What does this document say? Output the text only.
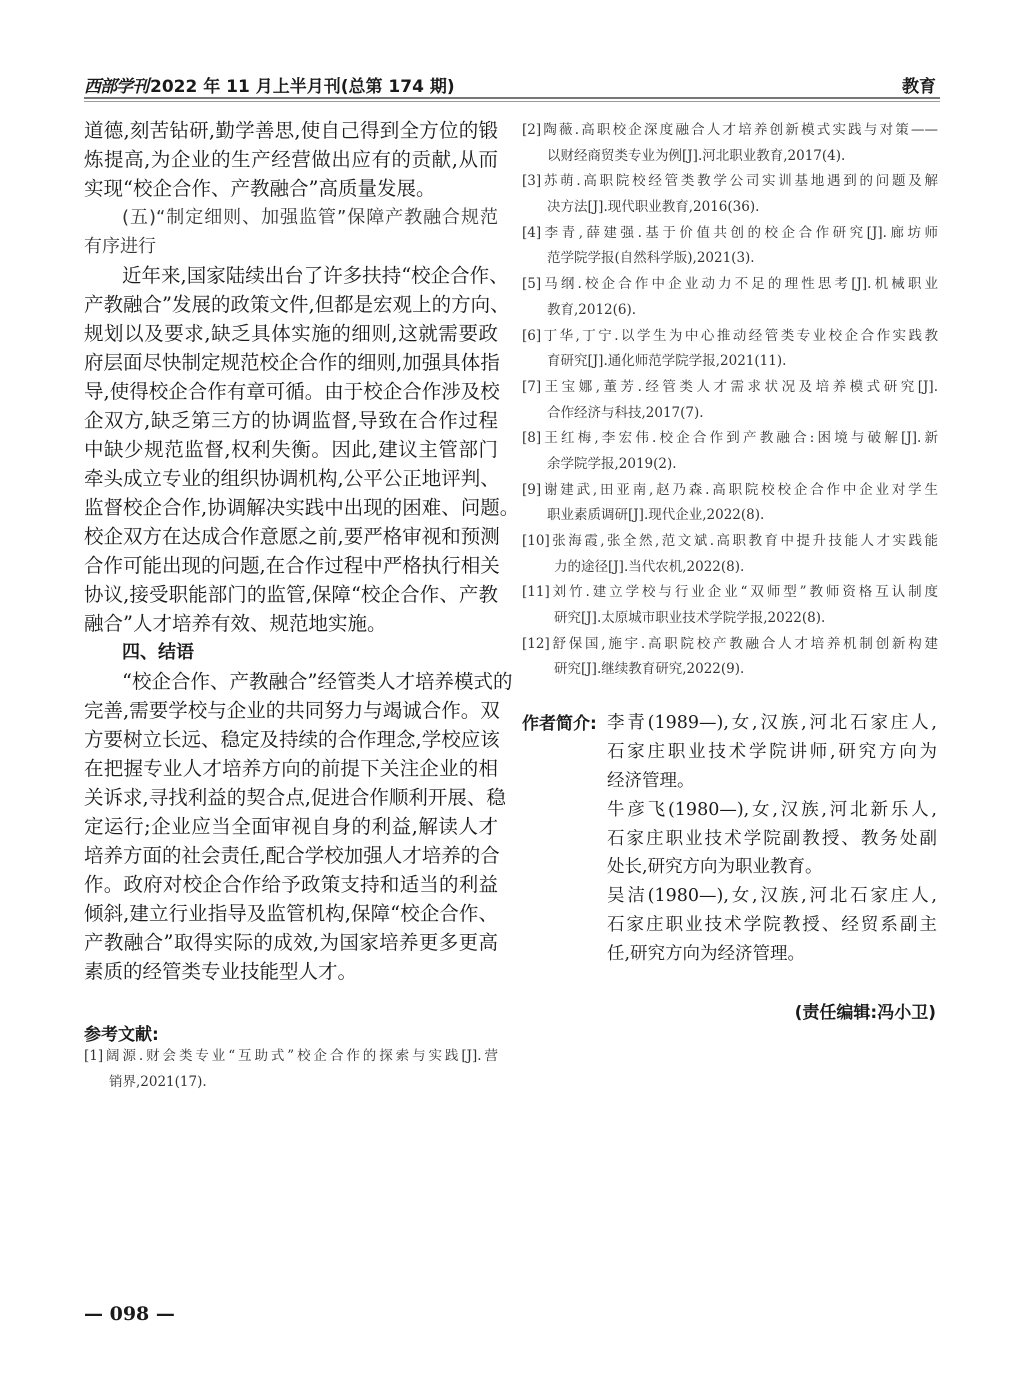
西部学刊 2022 年 11 月上半月刊(总第 174 期)	教育
道德,刻苦钻研,勤学善思,使自己得到全方位的锻
炼提高,为企业的生产经营做出应有的贡献,从而
实现“校企合作、产教融合”高质量发展。
(五)“制定细则、加强监管”保障产教融合规范
有序进行
近年来,国家陆续出台了许多扶持“校企合作、
产教融合”发展的政策文件,但都是宏观上的方向、
规划以及要求,缺乏具体实施的细则,这就需要政
府层面尽快制定规范校企合作的细则,加强具体指
导,使得校企合作有章可循。由于校企合作涉及校
企双方,缺乏第三方的协调监督,导致在合作过程
中缺少规范监督,权利失衡。因此,建议主管部门
牵头成立专业的组织协调机构,公平公正地评判、
监督校企合作,协调解决实践中出现的困难、问题。
校企双方在达成合作意愿之前,要严格审视和预测
合作可能出现的问题,在合作过程中严格执行相关
协议,接受职能部门的监管,保障“校企合作、产教
融合”人才培养有效、规范地实施。
四、结语
“校企合作、产教融合”经管类人才培养模式的
完善,需要学校与企业的共同努力与竭诚合作。双
方要树立长远、稳定及持续的合作理念,学校应该
在把握专业人才培养方向的前提下关注企业的相
关诉求,寻找利益的契合点,促进合作顺利开展、稳
定运行;企业应当全面审视自身的利益,解读人才
培养方面的社会责任,配合学校加强人才培养的合
作。政府对校企合作给予政策支持和适当的利益
倾斜,建立行业指导及监管机构,保障“校企合作、
产教融合”取得实际的成效,为国家培养更多更高
素质的经管类专业技能型人才。
参考文献:
[1]阔源.财会类专业“互助式”校企合作的探索与实践[J].营
销界,2021(17).
[2]陶薇.高职校企深度融合人才培养创新模式实践与对策——
以财经商贸类专业为例[J].河北职业教育,2017(4).
[3]苏萌.高职院校经管类教学公司实训基地遇到的问题及解
决方法[J].现代职业教育,2016(36).
[4]李青,薛建强.基于价值共创的校企合作研究[J].廊坊师
范学院学报(自然科学版),2021(3).
[5]马纲.校企合作中企业动力不足的理性思考[J].机械职业
教育,2012(6).
[6]丁华,丁宁.以学生为中心推动经管类专业校企合作实践教
育研究[J].通化师范学院学报,2021(11).
[7]王宝娜,董芳.经管类人才需求状况及培养模式研究[J].
合作经济与科技,2017(7).
[8]王红梅,李宏伟.校企合作到产教融合:困境与破解[J].新
余学院学报,2019(2).
[9]谢建武,田亚南,赵乃森.高职院校校企合作中企业对学生
职业素质调研[J].现代企业,2022(8).
[10]张海霞,张全然,范文斌.高职教育中提升技能人才实践能
力的途径[J].当代农机,2022(8).
[11]刘竹.建立学校与行业企业“双师型”教师资格互认制度
研究[J].太原城市职业技术学院学报,2022(8).
[12]舒保国,施宇.高职院校产教融合人才培养机制创新构建
研究[J].继续教育研究,2022(9).
作者简介: 李青(1989—),女,汉族,河北石家庄人,
石家庄职业技术学院讲师,研究方向为
经济管理。
牛彦飞(1980—),女,汉族,河北新乐人,
石家庄职业技术学院副教授、教务处副
处长,研究方向为职业教育。
吴洁(1980—),女,汉族,河北石家庄人,
石家庄职业技术学院教授、经贸系副主
任,研究方向为经济管理。
(责任编辑:冯小卫)
— 098 —
